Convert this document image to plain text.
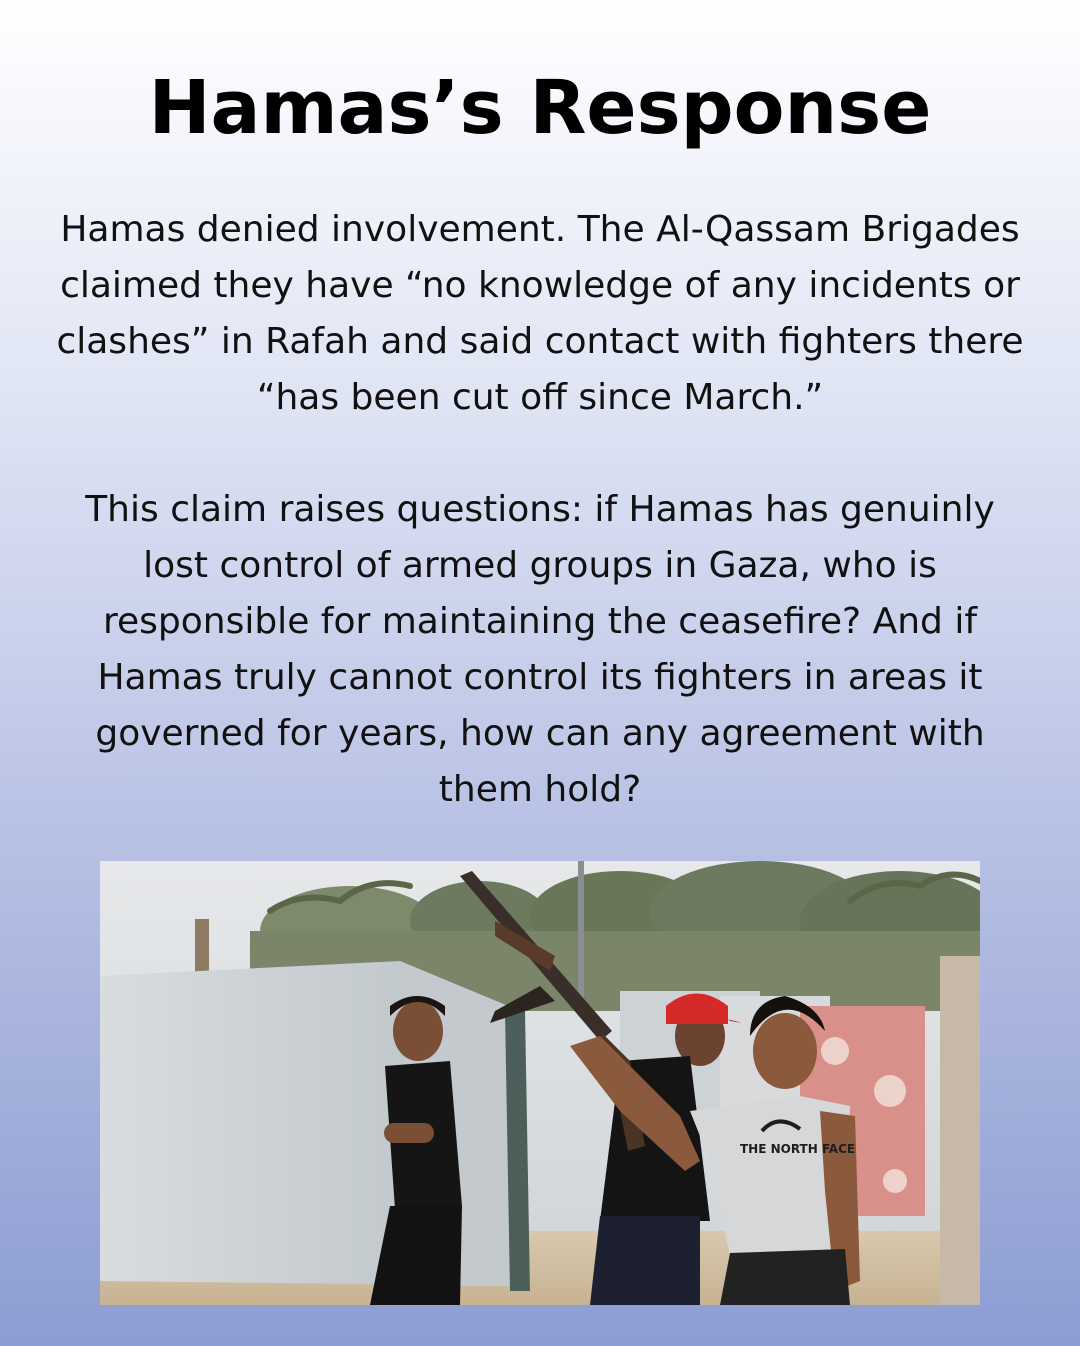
Hamas’s Response

Hamas denied involvement. The Al-Qassam Brigades claimed they have “no knowledge of any incidents or clashes” in Rafah and said contact with fighters there “has been cut off since March.”

This claim raises questions: if Hamas has genuinly lost control of armed groups in Gaza, who is responsible for maintaining the ceasefire? And if Hamas truly cannot control its fighters in areas it governed for years, how can any agreement with them hold?

THE NORTH FACE
